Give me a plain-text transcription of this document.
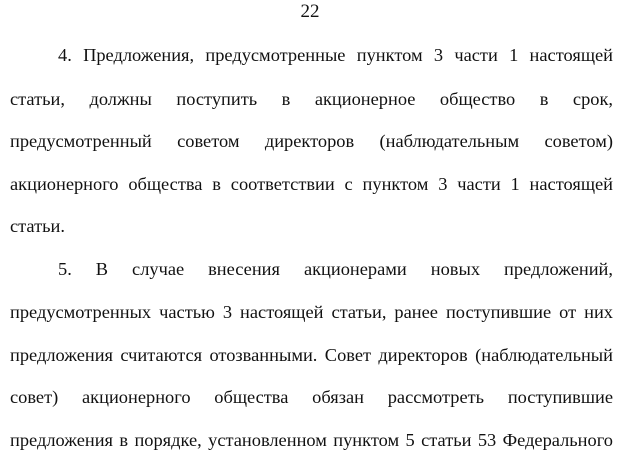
22
4. Предложения, предусмотренные пунктом 3 части 1 настоящей
статьи, должны поступить в акционерное общество в срок,
предусмотренный советом директоров (наблюдательным советом)
акционерного общества в соответствии с пунктом 3 части 1 настоящей
статьи.
5. В случае внесения акционерами новых предложений,
предусмотренных частью 3 настоящей статьи, ранее поступившие от них
предложения считаются отозванными. Совет директоров (наблюдательный
совет) акционерного общества обязан рассмотреть поступившие
предложения в порядке, установленном пунктом 5 статьи 53 Федерального
